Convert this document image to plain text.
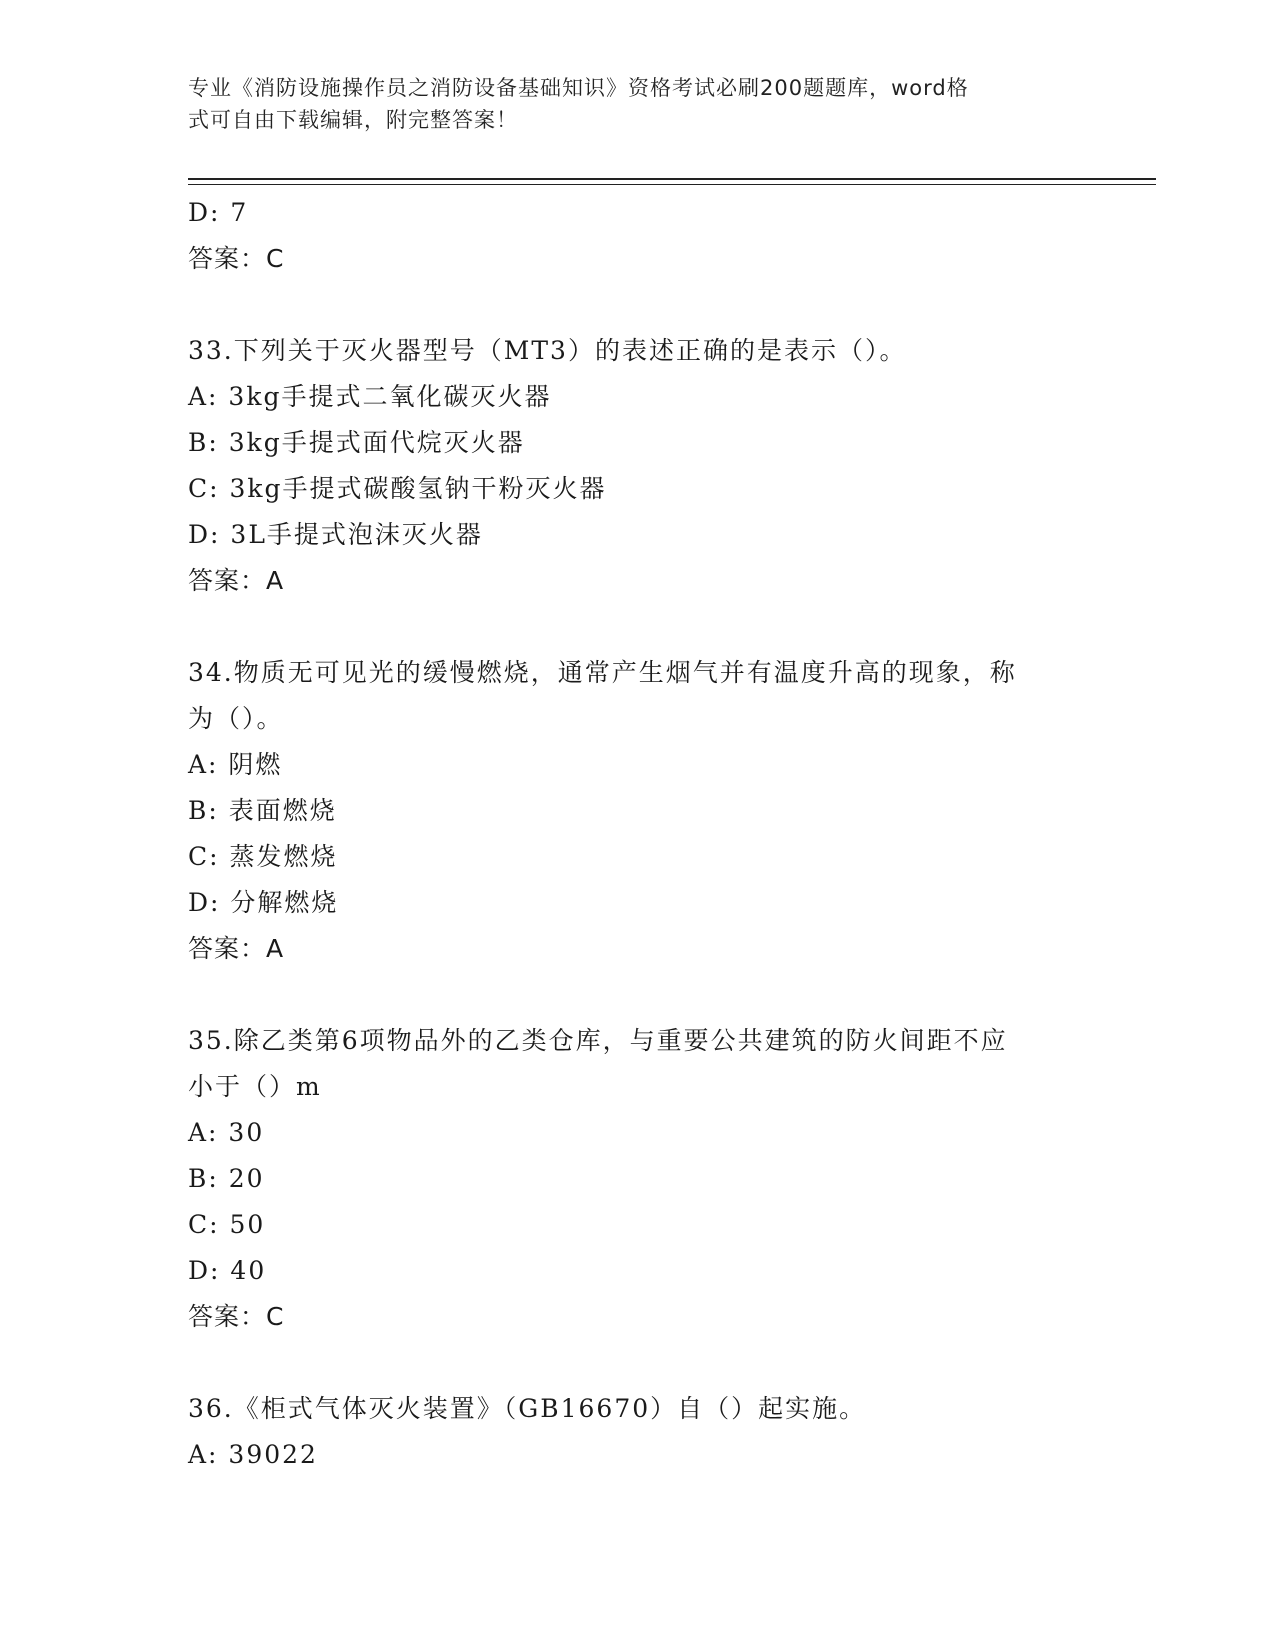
专业《消防设施操作员之消防设备基础知识》资格考试必刷200题题库，word格
式可自由下载编辑，附完整答案！
D: 7
答案：C
33.下列关于灭火器型号（MT3）的表述正确的是表示（）。
A: 3kg手提式二氧化碳灭火器
B: 3kg手提式面代烷灭火器
C: 3kg手提式碳酸氢钠干粉灭火器
D: 3L手提式泡沫灭火器
答案：A
34.物质无可见光的缓慢燃烧，通常产生烟气并有温度升高的现象，称
为（）。
A: 阴燃
B: 表面燃烧
C: 蒸发燃烧
D: 分解燃烧
答案：A
35.除乙类第6项物品外的乙类仓库，与重要公共建筑的防火间距不应
小于（）m
A: 30
B: 20
C: 50
D: 40
答案：C
36.《柜式气体灭火装置》（GB16670）自（）起实施。
A: 39022
